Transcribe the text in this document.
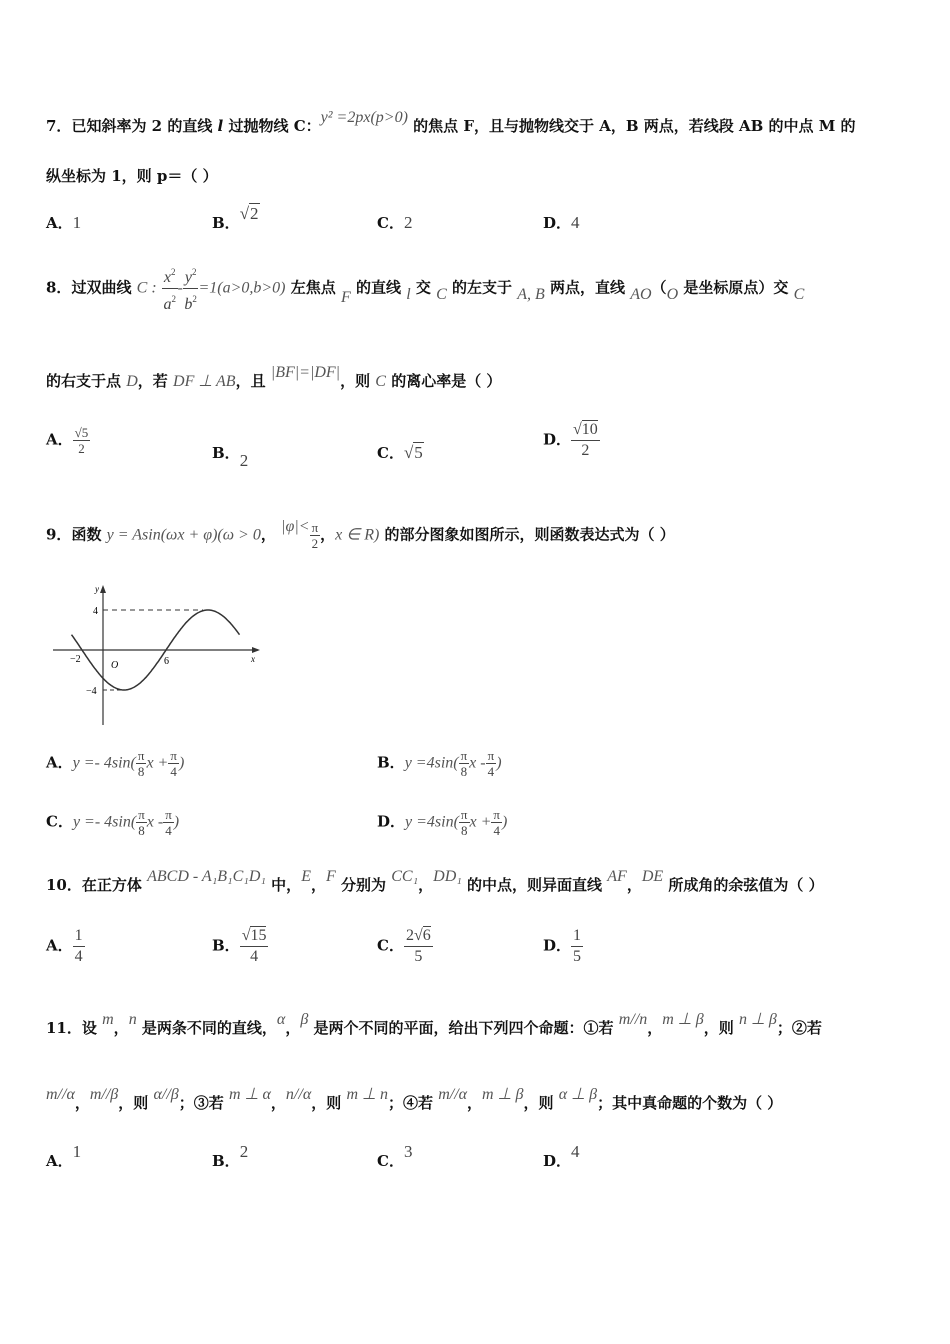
7．已知斜率为 2 的直线 l 过抛物线 C：y² =2px(p>0) 的焦点 F，且与抛物线交于 A，B 两点，若线段 AB 的中点 M 的
纵坐标为 1，则 p＝（ ）
A．1	B．√2	C．2	D．4
8．过双曲线 C : $\frac{x^2}{a^2} - \frac{y^2}{b^2} =1(a>0,b>0)$ 左焦点 F 的直线 l 交 C 的左支于 A, B 两点，直线 AO（O 是坐标原点）交 C
的右支于点 D，若 DF ⊥ AB，且 |BF|=|DF|，则 C 的离心率是（ ）
A． $\frac{√5}{2}$	B．2	C．√5
D． $\frac{√10}{2}$
9．函数 y = Asin(ωx + φ)(ω > 0， $|\varphi|< \frac{\pi}{2}$ ，x ∈ R) 的部分图象如图所示，则函数表达式为（ ）
y
x
O
4
−4
−2	6
A．$y =- 4\sin( \frac{\pi}{8}$ $x + \frac{\pi}{4}$ )	B．$y =4\sin( \frac{\pi}{8}$ x - $\frac{\pi}{4}$ )
C．$y =- 4\sin( \frac{\pi}{8}$ x - $\frac{\pi}{4}$ )	D．$y =4\sin( \frac{\pi}{8}$ $x + \frac{\pi}{4}$ )
10．在正方体 ABCD - A₁B₁C₁D₁ 中，E，F 分别为 CC₁，DD₁ 的中点，则异面直线 AF，DE 所成角的余弦值为（ ）
A． $\frac{1}{4}$	B． $\frac{√15}{4}$	C． $\frac{2√6}{5}$	D． $\frac{1}{5}$
11．设 m，n 是两条不同的直线，α，β 是两个不同的平面，给出下列四个命题：①若 m//n，m ⊥ β，则 n ⊥ β；②若
m//α，m//β，则 α//β；③若 m ⊥ α，n//α，则 m ⊥ n；④若 m//α，m ⊥ β，则 α ⊥ β；其中真命题的个数为（ ）
A．1	B．2	C．3	D．4
